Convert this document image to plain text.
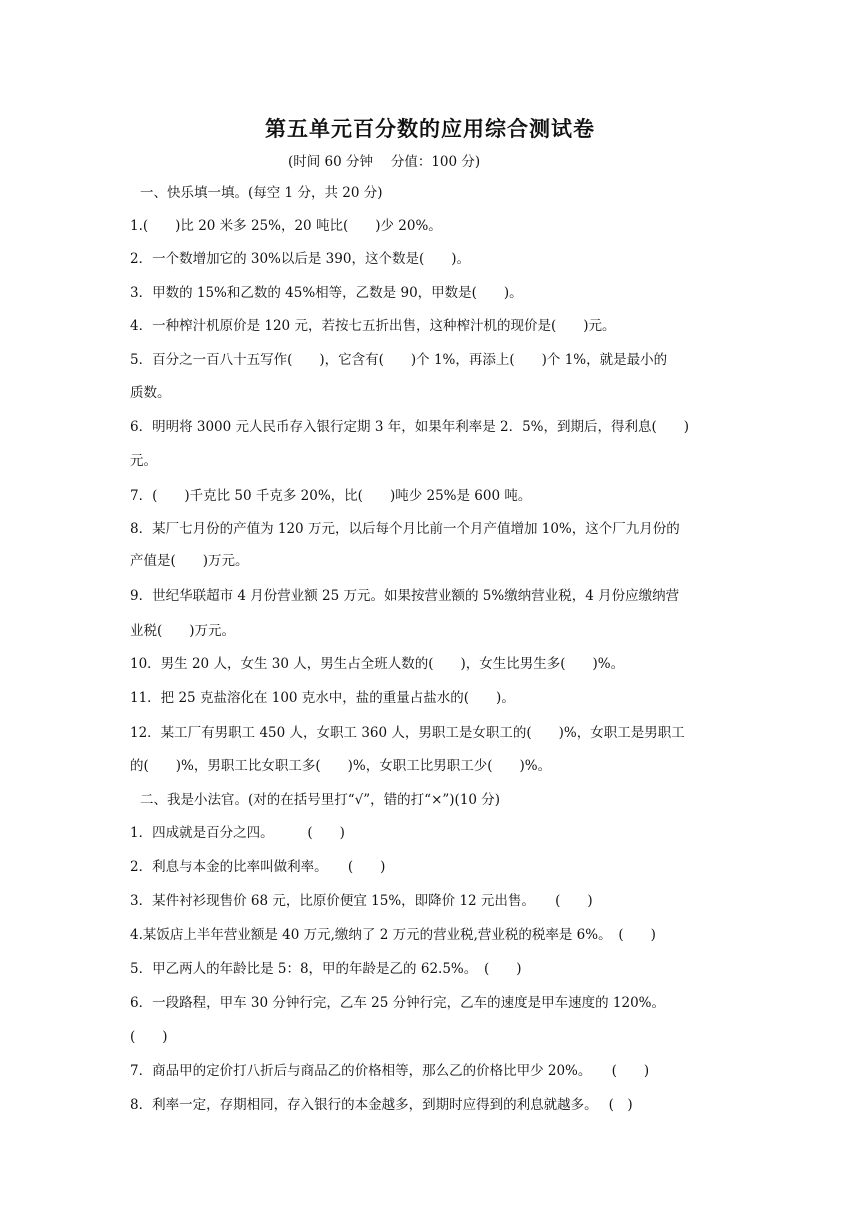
第五单元百分数的应用综合测试卷
(时间 60 分钟　 分值：100 分)
一、快乐填一填。(每空 1 分，共 20 分)
1.(　　)比 20 米多 25%，20 吨比(　　)少 20%。
2．一个数增加它的 30%以后是 390，这个数是(　　)。
3．甲数的 15%和乙数的 45%相等，乙数是 90，甲数是(　　)。
4．一种榨汁机原价是 120 元，若按七五折出售，这种榨汁机的现价是(　　)元。
5．百分之一百八十五写作(　　)，它含有(　　)个 1%，再添上(　　)个 1%，就是最小的
质数。
6．明明将 3000 元人民币存入银行定期 3 年，如果年利率是 2．5%，到期后，得利息(　　)
元。
7．(　　)千克比 50 千克多 20%，比(　　)吨少 25%是 600 吨。
8．某厂七月份的产值为 120 万元，以后每个月比前一个月产值增加 10%，这个厂九月份的
产值是(　　)万元。
9．世纪华联超市 4 月份营业额 25 万元。如果按营业额的 5%缴纳营业税，4 月份应缴纳营
业税(　　)万元。
10．男生 20 人，女生 30 人，男生占全班人数的(　　)，女生比男生多(　　)%。
11．把 25 克盐溶化在 100 克水中，盐的重量占盐水的(　　)。
12．某工厂有男职工 450 人，女职工 360 人，男职工是女职工的(　　)%，女职工是男职工
的(　　)%，男职工比女职工多(　　)%，女职工比男职工少(　　)%。
二、我是小法官。(对的在括号里打“√”，错的打“×”)(10 分)
1．四成就是百分之四。　　　(　　)
2．利息与本金的比率叫做利率。　　(　　)
3．某件衬衫现售价 68 元，比原价便宜 15%，即降价 12 元出售。　　(　　)
4.某饭店上半年营业额是 40 万元,缴纳了 2 万元的营业税,营业税的税率是 6%。　(　　)
5．甲乙两人的年龄比是 5：8，甲的年龄是乙的 62.5%。　(　　)
6．一段路程，甲车 30 分钟行完，乙车 25 分钟行完，乙车的速度是甲车速度的 120%。
(　　)
7．商品甲的定价打八折后与商品乙的价格相等，那么乙的价格比甲少 20%。　　(　　)
8．利率一定，存期相同，存入银行的本金越多，到期时应得到的利息就越多。　 (　)
